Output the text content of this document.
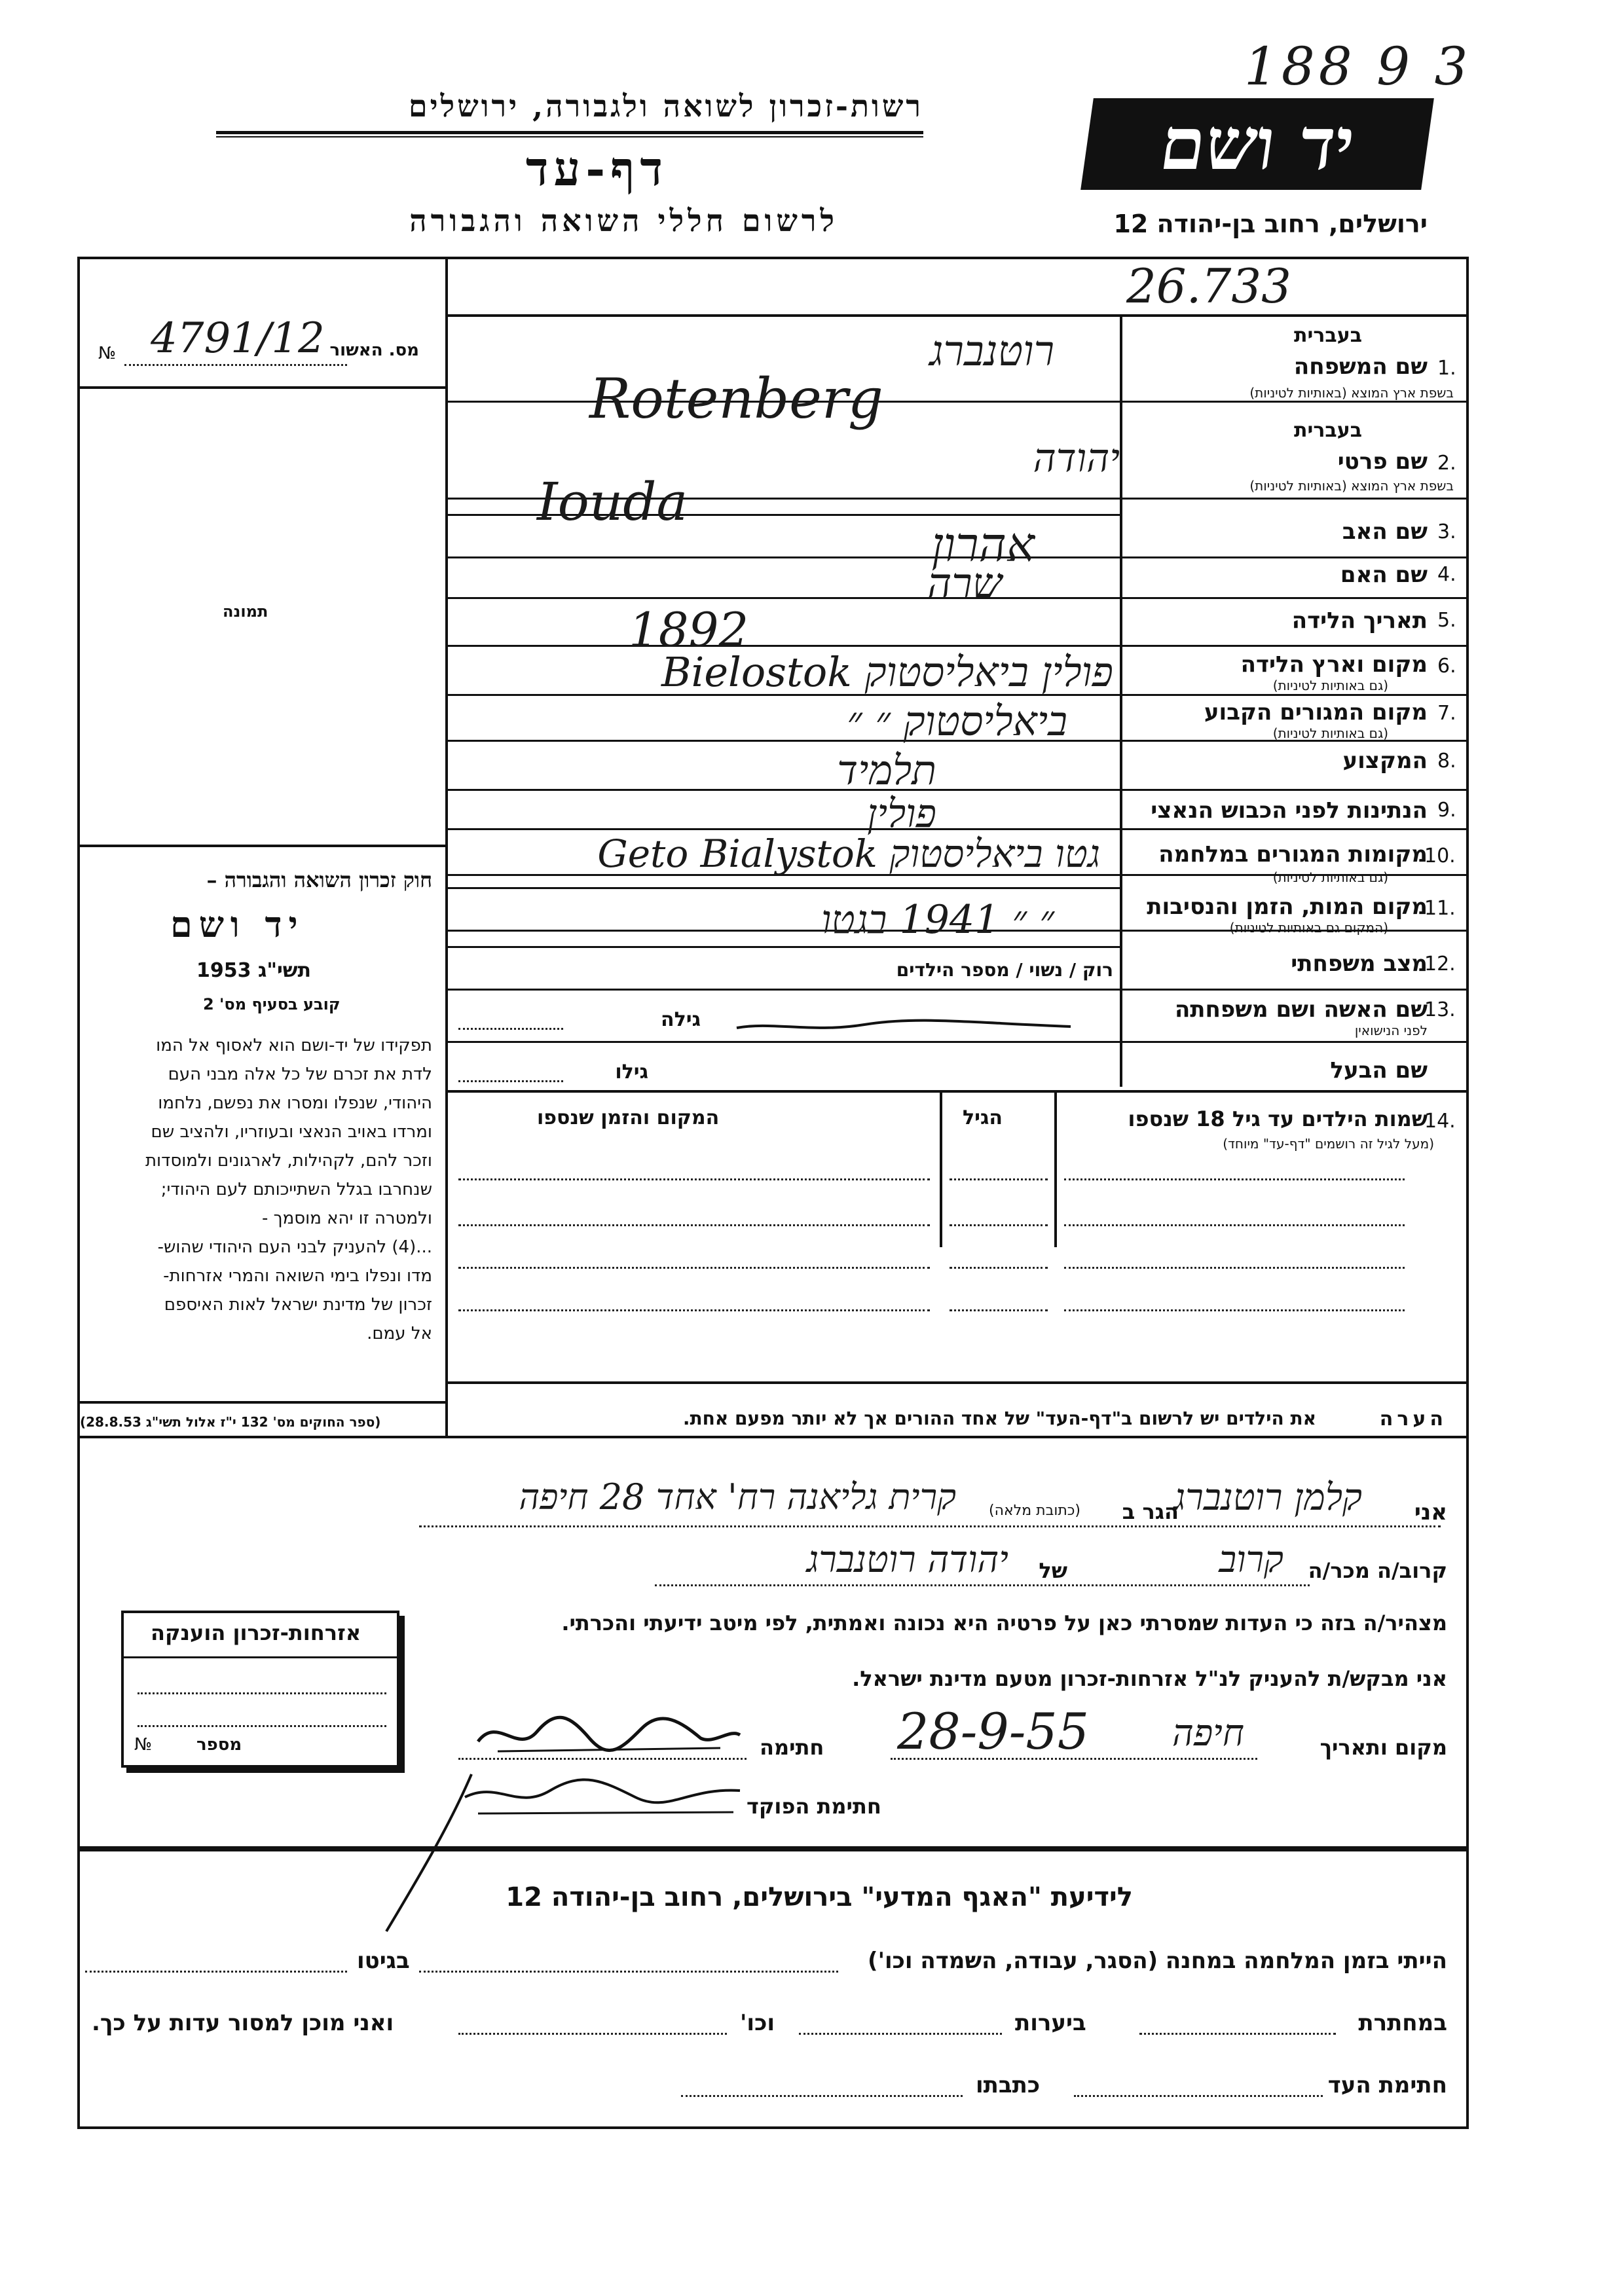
188 9 3
יד ושם
רשות-זכרון לשואה ולגבורה, ירושלים
דף-עד
לרשום חללי השואה והגבורה	ירושלים, רחוב בן-יהודה 12
26.733
מס. האשור
4791/12
№
תמונה
חוק זכרון השואה והגבורה –
יד ושם
תשי"ג 1953
קובע בסעיף מס' 2
תפקידו של יד-ושם הוא לאסוף אל המו
לדת את זכרם של כל אלה מבני העם
היהודי, שנפלו ומסרו את נפשם, נלחמו
ומרדו באויב הנאצי ובעוזריו, ולהציב שם
וזכר להם, לקהילות, לארגונים ולמוסדות
שנחרבו בגלל השתייכותם לעם היהודי;
ולמטרה זו יהא מוסמך -
...(4) להעניק לבני העם היהודי שהוש-
מדו ונפלו בימי השואה והמרי אזרחות-
זכרון של מדינת ישראל לאות האיספם
אל עמם.
(ספר החוקים מס' 132 י"ז אלול תשי"ג 28.8.53)
בעברית
1.
שם המשפחה
בשפת ארץ המוצא (באותיות לטיניות)
רוטנברג
Rotenberg	בעברית
2.
שם פרטי
בשפת ארץ המוצא (באותיות לטיניות)
יהודה
Iouda	3.
שם האב
אהרון
4.
שם האם
שרה
5.
תאריך הלידה
1892
6.
מקום וארץ הלידה
(גם באותיות לטיניות)
פולין ביאליסטוק Bielostok
7.
מקום המגורים הקבוע
(גם באותיות לטיניות)
ביאליסטוק ״ ״
8.
המקצוע
תלמיד
9.
הנתינות לפני הכבוש הנאצי
פולין
10.
מקומות המגורים במלחמה
(גם באותיות לטיניות)
גטו ביאליסטוק Geto Bialystok
11.
מקום המות, הזמן והנסיבות
(המקום גם באותיות לטיניות)
״ ״ 1941 בגטו
12.
מצב משפחתי
רוק / נשוי / מספר הילדים
13.
שם האשה ושם משפחתה
לפני הנישואין
גילה
שם הבעל
גילו
14.
שמות הילדים עד גיל 18 שנספו
(מעל לגיל זה רושמים "דף-עד" מיוחד)
הגיל
המקום והזמן שנספו
הערה
את הילדים יש לרשום ב"דף-העד" של אחד ההורים אך לא יותר מפעם אחת.
אני
קלמן רוטנברג
הגר ב
(כתובת מלאה)
קרית גליאנה רח' אחד 28 חיפה
קרוב/ה מכר/ה
קרוב
של
יהודה רוטנברג
מצהיר/ה בזה כי העדות שמסרתי כאן על פרטיה היא נכונה ואמתית, לפי מיטב ידיעתי והכרתי.
אני מבקש/ת להעניק לנ"ל אזרחות-זכרון מטעם מדינת ישראל.
אזרחות-זכרון הוענקה
מספר
№	מקום ותאריך
חיפה
28-9-55
חתימה
חתימת הפוקד
לידיעת "האגף המדעי" בירושלים, רחוב בן-יהודה 12
הייתי בזמן המלחמה במחנה (הסגר, עבודה, השמדה וכו')
בגיטו
במחתרת
ביערות
וכו'
ואני מוכן למסור עדות על כך.
חתימת העד
כתבתו
